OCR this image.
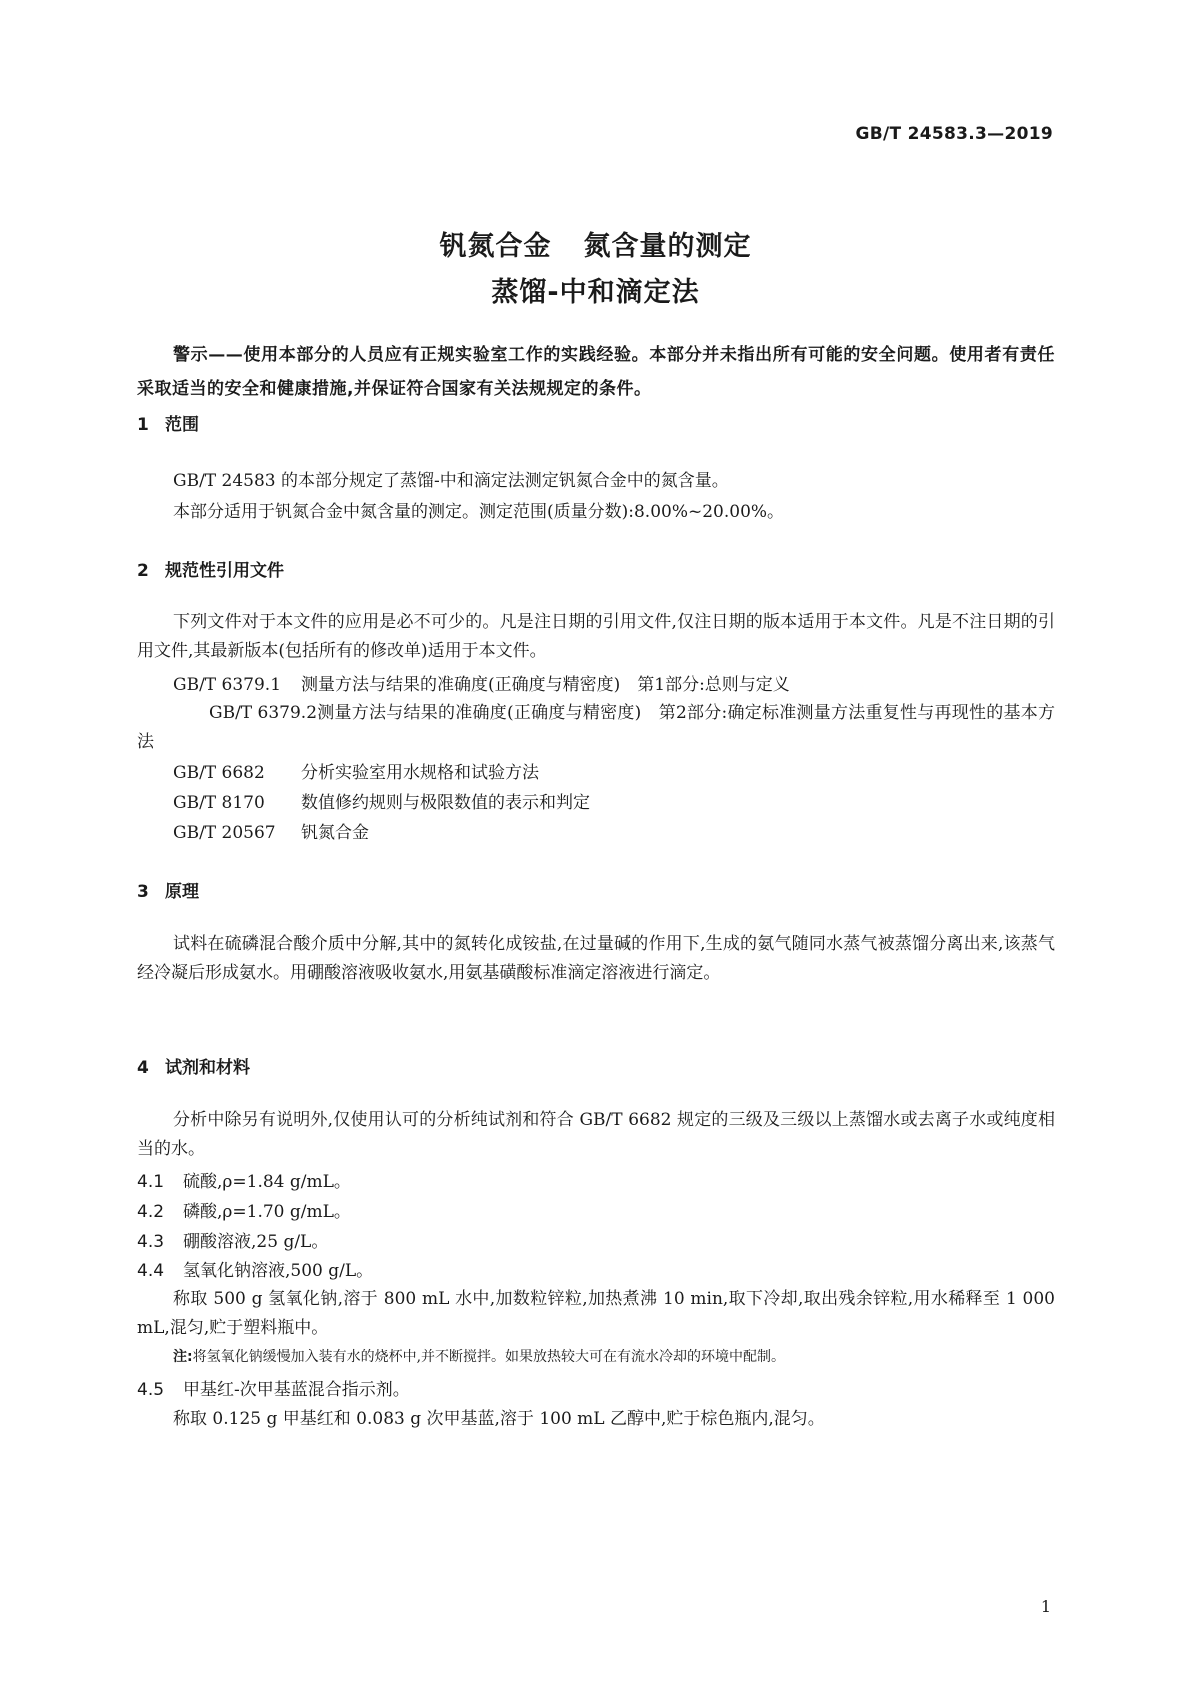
GB/T 24583.3—2019
钒氮合金 氮含量的测定
蒸馏-中和滴定法
警示——使用本部分的人员应有正规实验室工作的实践经验。本部分并未指出所有可能的安全问题。使用者有责任采取适当的安全和健康措施,并保证符合国家有关法规规定的条件。
1 范围
GB/T 24583 的本部分规定了蒸馏-中和滴定法测定钒氮合金中的氮含量。
本部分适用于钒氮合金中氮含量的测定。测定范围(质量分数):8.00%~20.00%。
2 规范性引用文件
下列文件对于本文件的应用是必不可少的。凡是注日期的引用文件,仅注日期的版本适用于本文件。凡是不注日期的引用文件,其最新版本(包括所有的修改单)适用于本文件。
GB/T 6379.1 测量方法与结果的准确度(正确度与精密度)　第1部分:总则与定义
GB/T 6379.2测量方法与结果的准确度(正确度与精密度)　第2部分:确定标准测量方法重复性与再现性的基本方法
GB/T 6682 分析实验室用水规格和试验方法
GB/T 8170 数值修约规则与极限数值的表示和判定
GB/T 20567 钒氮合金
3 原理
试料在硫磷混合酸介质中分解,其中的氮转化成铵盐,在过量碱的作用下,生成的氨气随同水蒸气被蒸馏分离出来,该蒸气经冷凝后形成氨水。用硼酸溶液吸收氨水,用氨基磺酸标准滴定溶液进行滴定。
4 试剂和材料
分析中除另有说明外,仅使用认可的分析纯试剂和符合 GB/T 6682 规定的三级及三级以上蒸馏水或去离子水或纯度相当的水。
4.1 硫酸,ρ=1.84 g/mL。
4.2 磷酸,ρ=1.70 g/mL。
4.3 硼酸溶液,25 g/L。
4.4 氢氧化钠溶液,500 g/L。
称取 500 g 氢氧化钠,溶于 800 mL 水中,加数粒锌粒,加热煮沸 10 min,取下冷却,取出残余锌粒,用水稀释至 1 000 mL,混匀,贮于塑料瓶中。
注:将氢氧化钠缓慢加入装有水的烧杯中,并不断搅拌。如果放热较大可在有流水冷却的环境中配制。
4.5 甲基红-次甲基蓝混合指示剂。
称取 0.125 g 甲基红和 0.083 g 次甲基蓝,溶于 100 mL 乙醇中,贮于棕色瓶内,混匀。
1
